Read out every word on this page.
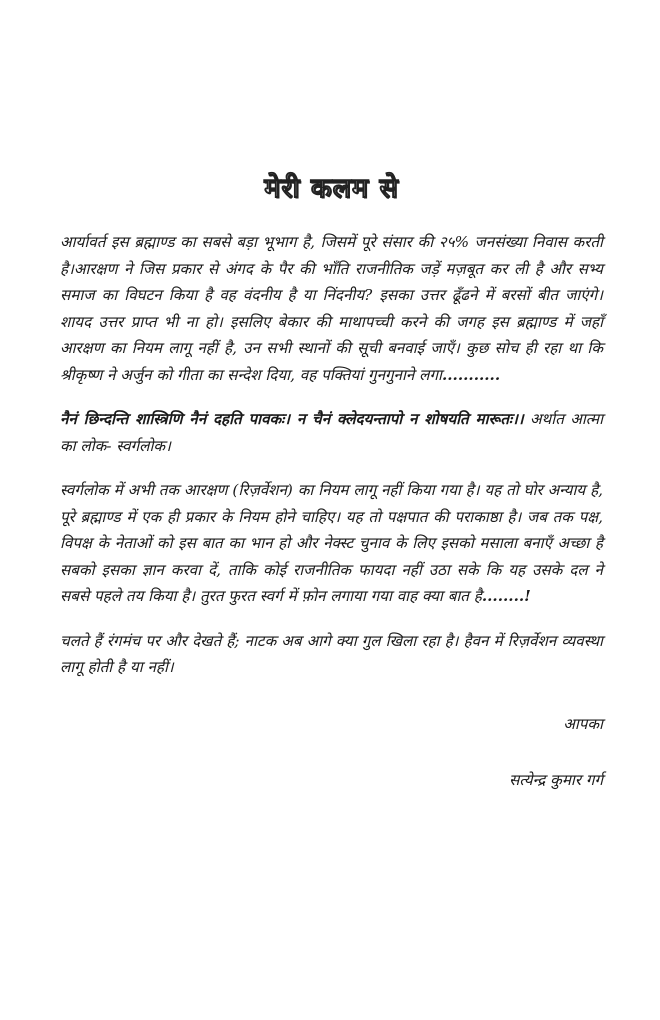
मेरी कलम से

आर्यावर्त इस ब्रह्माण्ड का सबसे बड़ा भूभाग है, जिसमें पूरे संसार की २५% जनसंख्या निवास करती है।आरक्षण ने जिस प्रकार से अंगद के पैर की भाँति राजनीतिक जड़ें मज़बूत कर ली है और सभ्य समाज का विघटन किया है वह वंदनीय है या निंदनीय? इसका उत्तर ढूँढने में बरसों बीत जाएंगे। शायद उत्तर प्राप्त भी ना हो। इसलिए बेकार की माथापच्ची करने की जगह इस ब्रह्माण्ड में जहाँ आरक्षण का नियम लागू नहीं है, उन सभी स्थानों की सूची बनवाई जाएँ। कुछ सोच ही रहा था कि श्रीकृष्ण ने अर्जुन को गीता का सन्देश दिया, वह पक्तियां गुनगुनाने लगा...........

नैनं छिन्दन्ति शास्त्रिणि नैनं दहति पावकः। न चैनं क्लेदयन्तापो न शोषयति मारूतः।। अर्थात आत्मा का लोक- स्वर्गलोक।

स्वर्गलोक में अभी तक आरक्षण (रिज़र्वेशन) का नियम लागू नहीं किया गया है। यह तो घोर अन्याय है, पूरे ब्रह्माण्ड में एक ही प्रकार के नियम होने चाहिए। यह तो पक्षपात की पराकाष्ठा है। जब तक पक्ष, विपक्ष के नेताओं को इस बात का भान हो और नेक्स्ट चुनाव के लिए इसको मसाला बनाएँ अच्छा है सबको इसका ज्ञान करवा दें, ताकि कोई राजनीतिक फायदा नहीं उठा सके कि यह उसके दल ने सबसे पहले तय किया है। तुरत फुरत स्वर्ग में फ़ोन लगाया गया वाह क्या बात है........!

चलते हैं रंगमंच पर और देखते हैं; नाटक अब आगे क्या गुल खिला रहा है। हैवन में रिज़र्वेशन व्यवस्था लागू होती है या नहीं।

आपका

सत्येन्द्र कुमार गर्ग
